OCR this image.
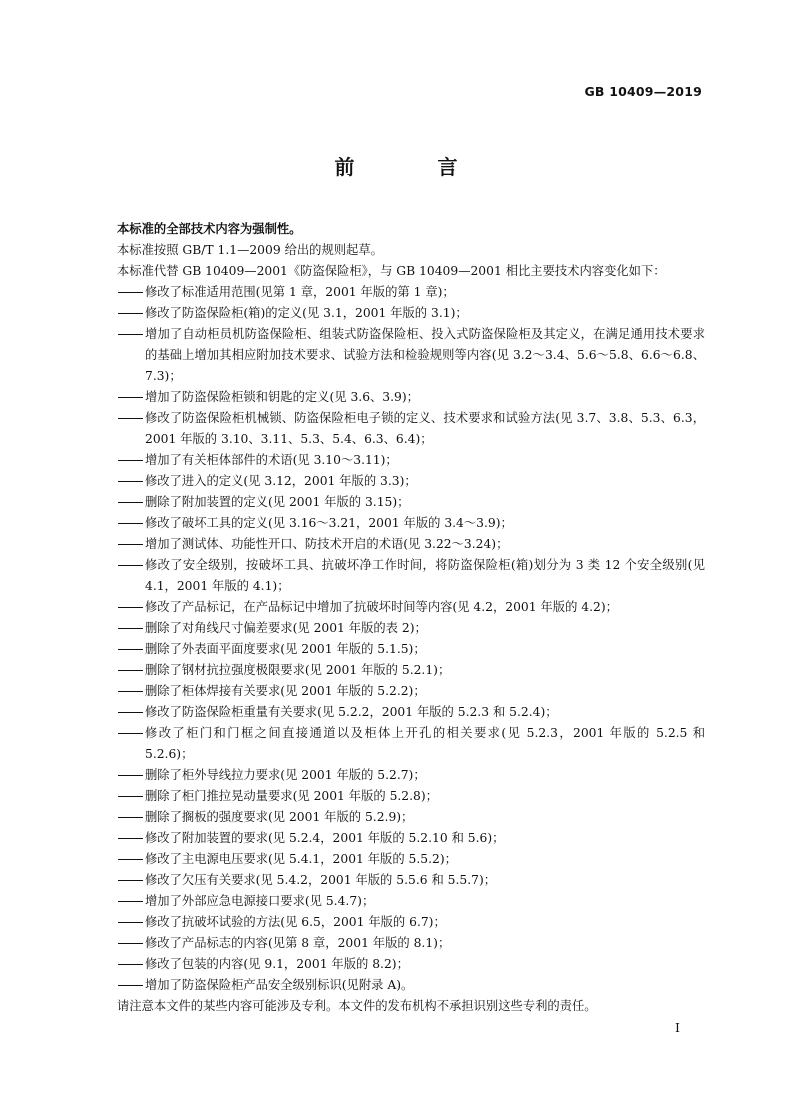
GB 10409—2019
前 言
本标准的全部技术内容为强制性。
本标准按照 GB/T 1.1—2009 给出的规则起草。
本标准代替 GB 10409—2001《防盗保险柜》，与 GB 10409—2001 相比主要技术内容变化如下：
修改了标准适用范围(见第 1 章，2001 年版的第 1 章)；
修改了防盗保险柜(箱)的定义(见 3.1，2001 年版的 3.1)；
增加了自动柜员机防盗保险柜、组装式防盗保险柜、投入式防盗保险柜及其定义，在满足通用技术要求的基础上增加其相应附加技术要求、试验方法和检验规则等内容(见 3.2～3.4、5.6～5.8、6.6～6.8、7.3)；
增加了防盗保险柜锁和钥匙的定义(见 3.6、3.9)；
修改了防盗保险柜机械锁、防盗保险柜电子锁的定义、技术要求和试验方法(见 3.7、3.8、5.3、6.3，2001 年版的 3.10、3.11、5.3、5.4、6.3、6.4)；
增加了有关柜体部件的术语(见 3.10～3.11)；
修改了进入的定义(见 3.12，2001 年版的 3.3)；
删除了附加装置的定义(见 2001 年版的 3.15)；
修改了破坏工具的定义(见 3.16～3.21，2001 年版的 3.4～3.9)；
增加了测试体、功能性开口、防技术开启的术语(见 3.22～3.24)；
修改了安全级别，按破坏工具、抗破坏净工作时间，将防盗保险柜(箱)划分为 3 类 12 个安全级别(见 4.1，2001 年版的 4.1)；
修改了产品标记，在产品标记中增加了抗破坏时间等内容(见 4.2，2001 年版的 4.2)；
删除了对角线尺寸偏差要求(见 2001 年版的表 2)；
删除了外表面平面度要求(见 2001 年版的 5.1.5)；
删除了钢材抗拉强度极限要求(见 2001 年版的 5.2.1)；
删除了柜体焊接有关要求(见 2001 年版的 5.2.2)；
修改了防盗保险柜重量有关要求(见 5.2.2，2001 年版的 5.2.3 和 5.2.4)；
修改了柜门和门框之间直接通道以及柜体上开孔的相关要求(见 5.2.3，2001 年版的 5.2.5 和 5.2.6)；
删除了柜外导线拉力要求(见 2001 年版的 5.2.7)；
删除了柜门推拉晃动量要求(见 2001 年版的 5.2.8)；
删除了搁板的强度要求(见 2001 年版的 5.2.9)；
修改了附加装置的要求(见 5.2.4，2001 年版的 5.2.10 和 5.6)；
修改了主电源电压要求(见 5.4.1，2001 年版的 5.5.2)；
修改了欠压有关要求(见 5.4.2，2001 年版的 5.5.6 和 5.5.7)；
增加了外部应急电源接口要求(见 5.4.7)；
修改了抗破坏试验的方法(见 6.5，2001 年版的 6.7)；
修改了产品标志的内容(见第 8 章，2001 年版的 8.1)；
修改了包装的内容(见 9.1，2001 年版的 8.2)；
增加了防盗保险柜产品安全级别标识(见附录 A)。
请注意本文件的某些内容可能涉及专利。本文件的发布机构不承担识别这些专利的责任。
I
